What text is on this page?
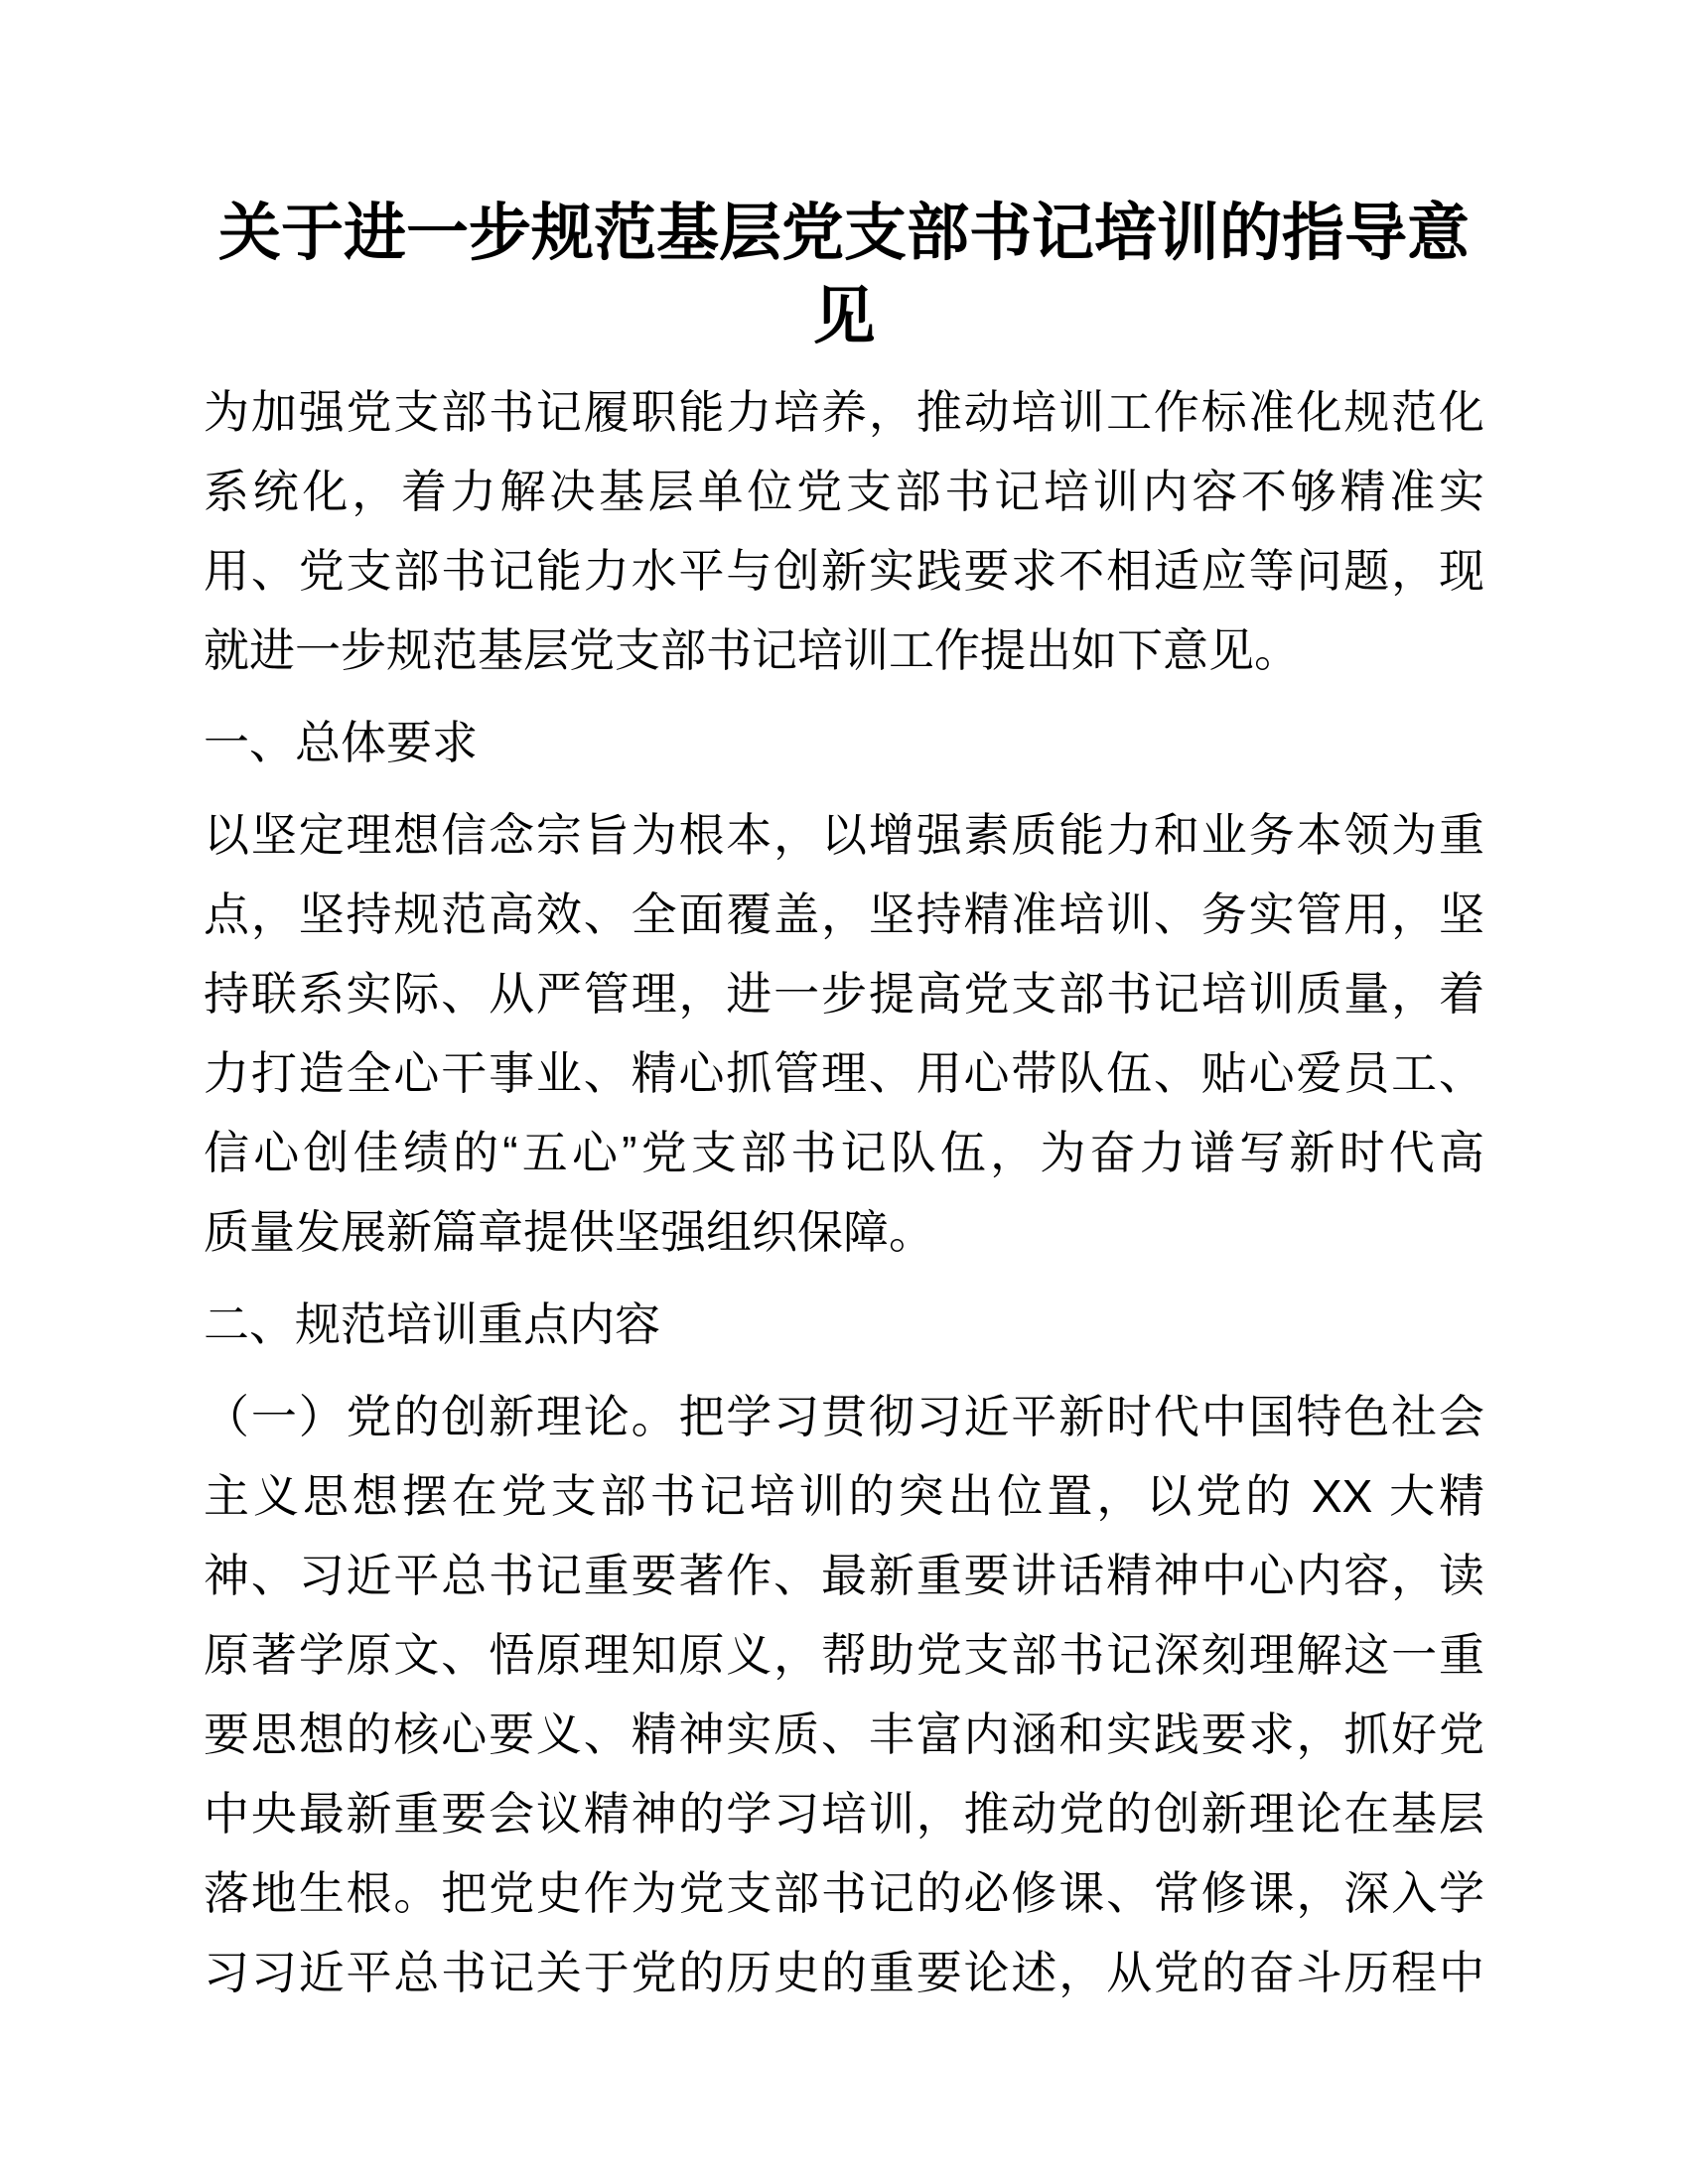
关于进一步规范基层党支部书记培训的指导意见
为加强党支部书记履职能力培养，推动培训工作标准化规范化
系统化，着力解决基层单位党支部书记培训内容不够精准实
用、党支部书记能力水平与创新实践要求不相适应等问题，现
就进一步规范基层党支部书记培训工作提出如下意见。
一、总体要求
以坚定理想信念宗旨为根本，以增强素质能力和业务本领为重
点，坚持规范高效、全面覆盖，坚持精准培训、务实管用，坚
持联系实际、从严管理，进一步提高党支部书记培训质量，着
力打造全心干事业、精心抓管理、用心带队伍、贴心爱员工、
信心创佳绩的“五心”党支部书记队伍，为奋力谱写新时代高
质量发展新篇章提供坚强组织保障。
二、规范培训重点内容
（一）党的创新理论。把学习贯彻习近平新时代中国特色社会
主义思想摆在党支部书记培训的突出位置，以党的 XX 大精
神、习近平总书记重要著作、最新重要讲话精神中心内容，读
原著学原文、悟原理知原义，帮助党支部书记深刻理解这一重
要思想的核心要义、精神实质、丰富内涵和实践要求，抓好党
中央最新重要会议精神的学习培训，推动党的创新理论在基层
落地生根。把党史作为党支部书记的必修课、常修课，深入学
习习近平总书记关于党的历史的重要论述，从党的奋斗历程中
